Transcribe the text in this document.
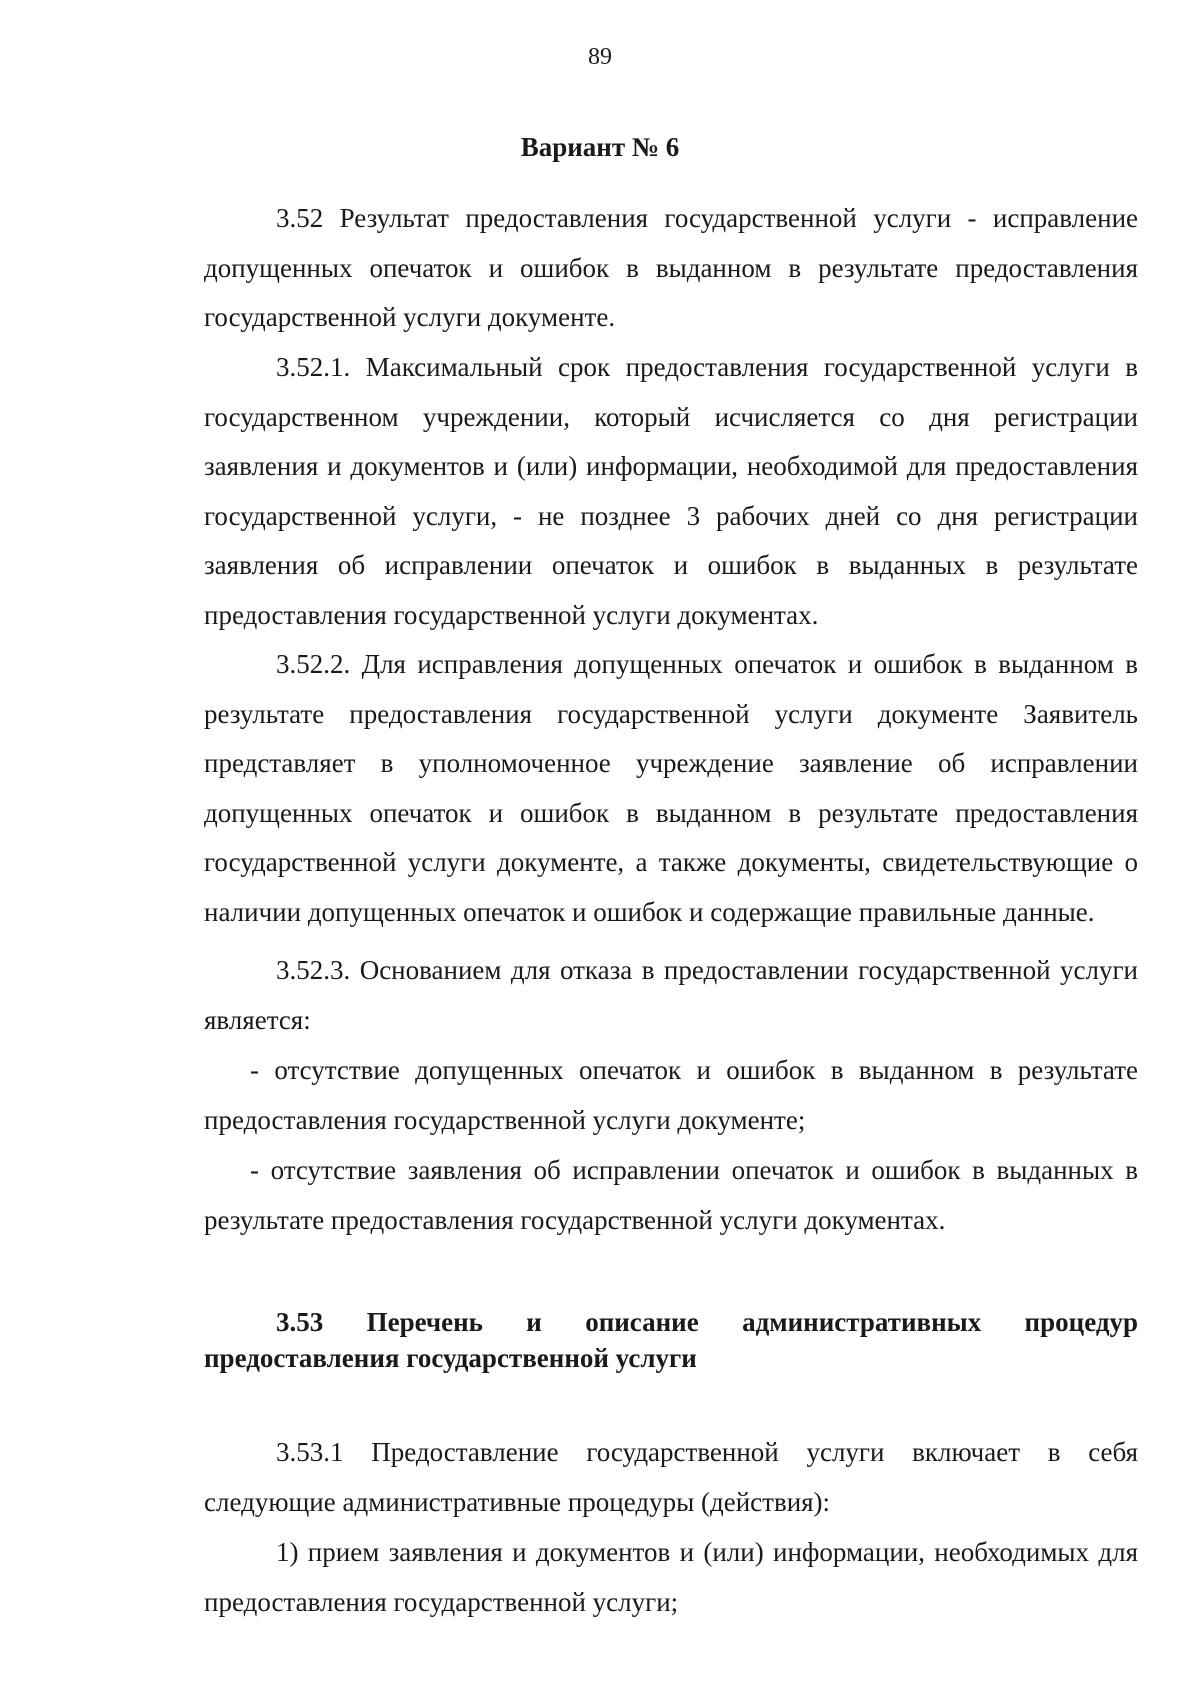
89
Вариант № 6

3.52 Результат предоставления государственной услуги - исправление допущенных опечаток и ошибок в выданном в результате предоставления государственной услуги документе.

3.52.1. Максимальный срок предоставления государственной услуги в государственном учреждении, который исчисляется со дня регистрации заявления и документов и (или) информации, необходимой для предоставления государственной услуги, - не позднее 3 рабочих дней со дня регистрации заявления об исправлении опечаток и ошибок в выданных в результате предоставления государственной услуги документах.

3.52.2. Для исправления допущенных опечаток и ошибок в выданном в результате предоставления государственной услуги документе Заявитель представляет в уполномоченное учреждение заявление об исправлении допущенных опечаток и ошибок в выданном в результате предоставления государственной услуги документе, а также документы, свидетельствующие о наличии допущенных опечаток и ошибок и содержащие правильные данные.

3.52.3. Основанием для отказа в предоставлении государственной услуги является:

- отсутствие допущенных опечаток и ошибок в выданном в результате предоставления государственной услуги документе;

- отсутствие заявления об исправлении опечаток и ошибок в выданных в результате предоставления государственной услуги документах.

3.53 Перечень и описание административных процедур предоставления государственной услуги

3.53.1 Предоставление государственной услуги включает в себя следующие административные процедуры (действия):

1) прием заявления и документов и (или) информации, необходимых для предоставления государственной услуги;
